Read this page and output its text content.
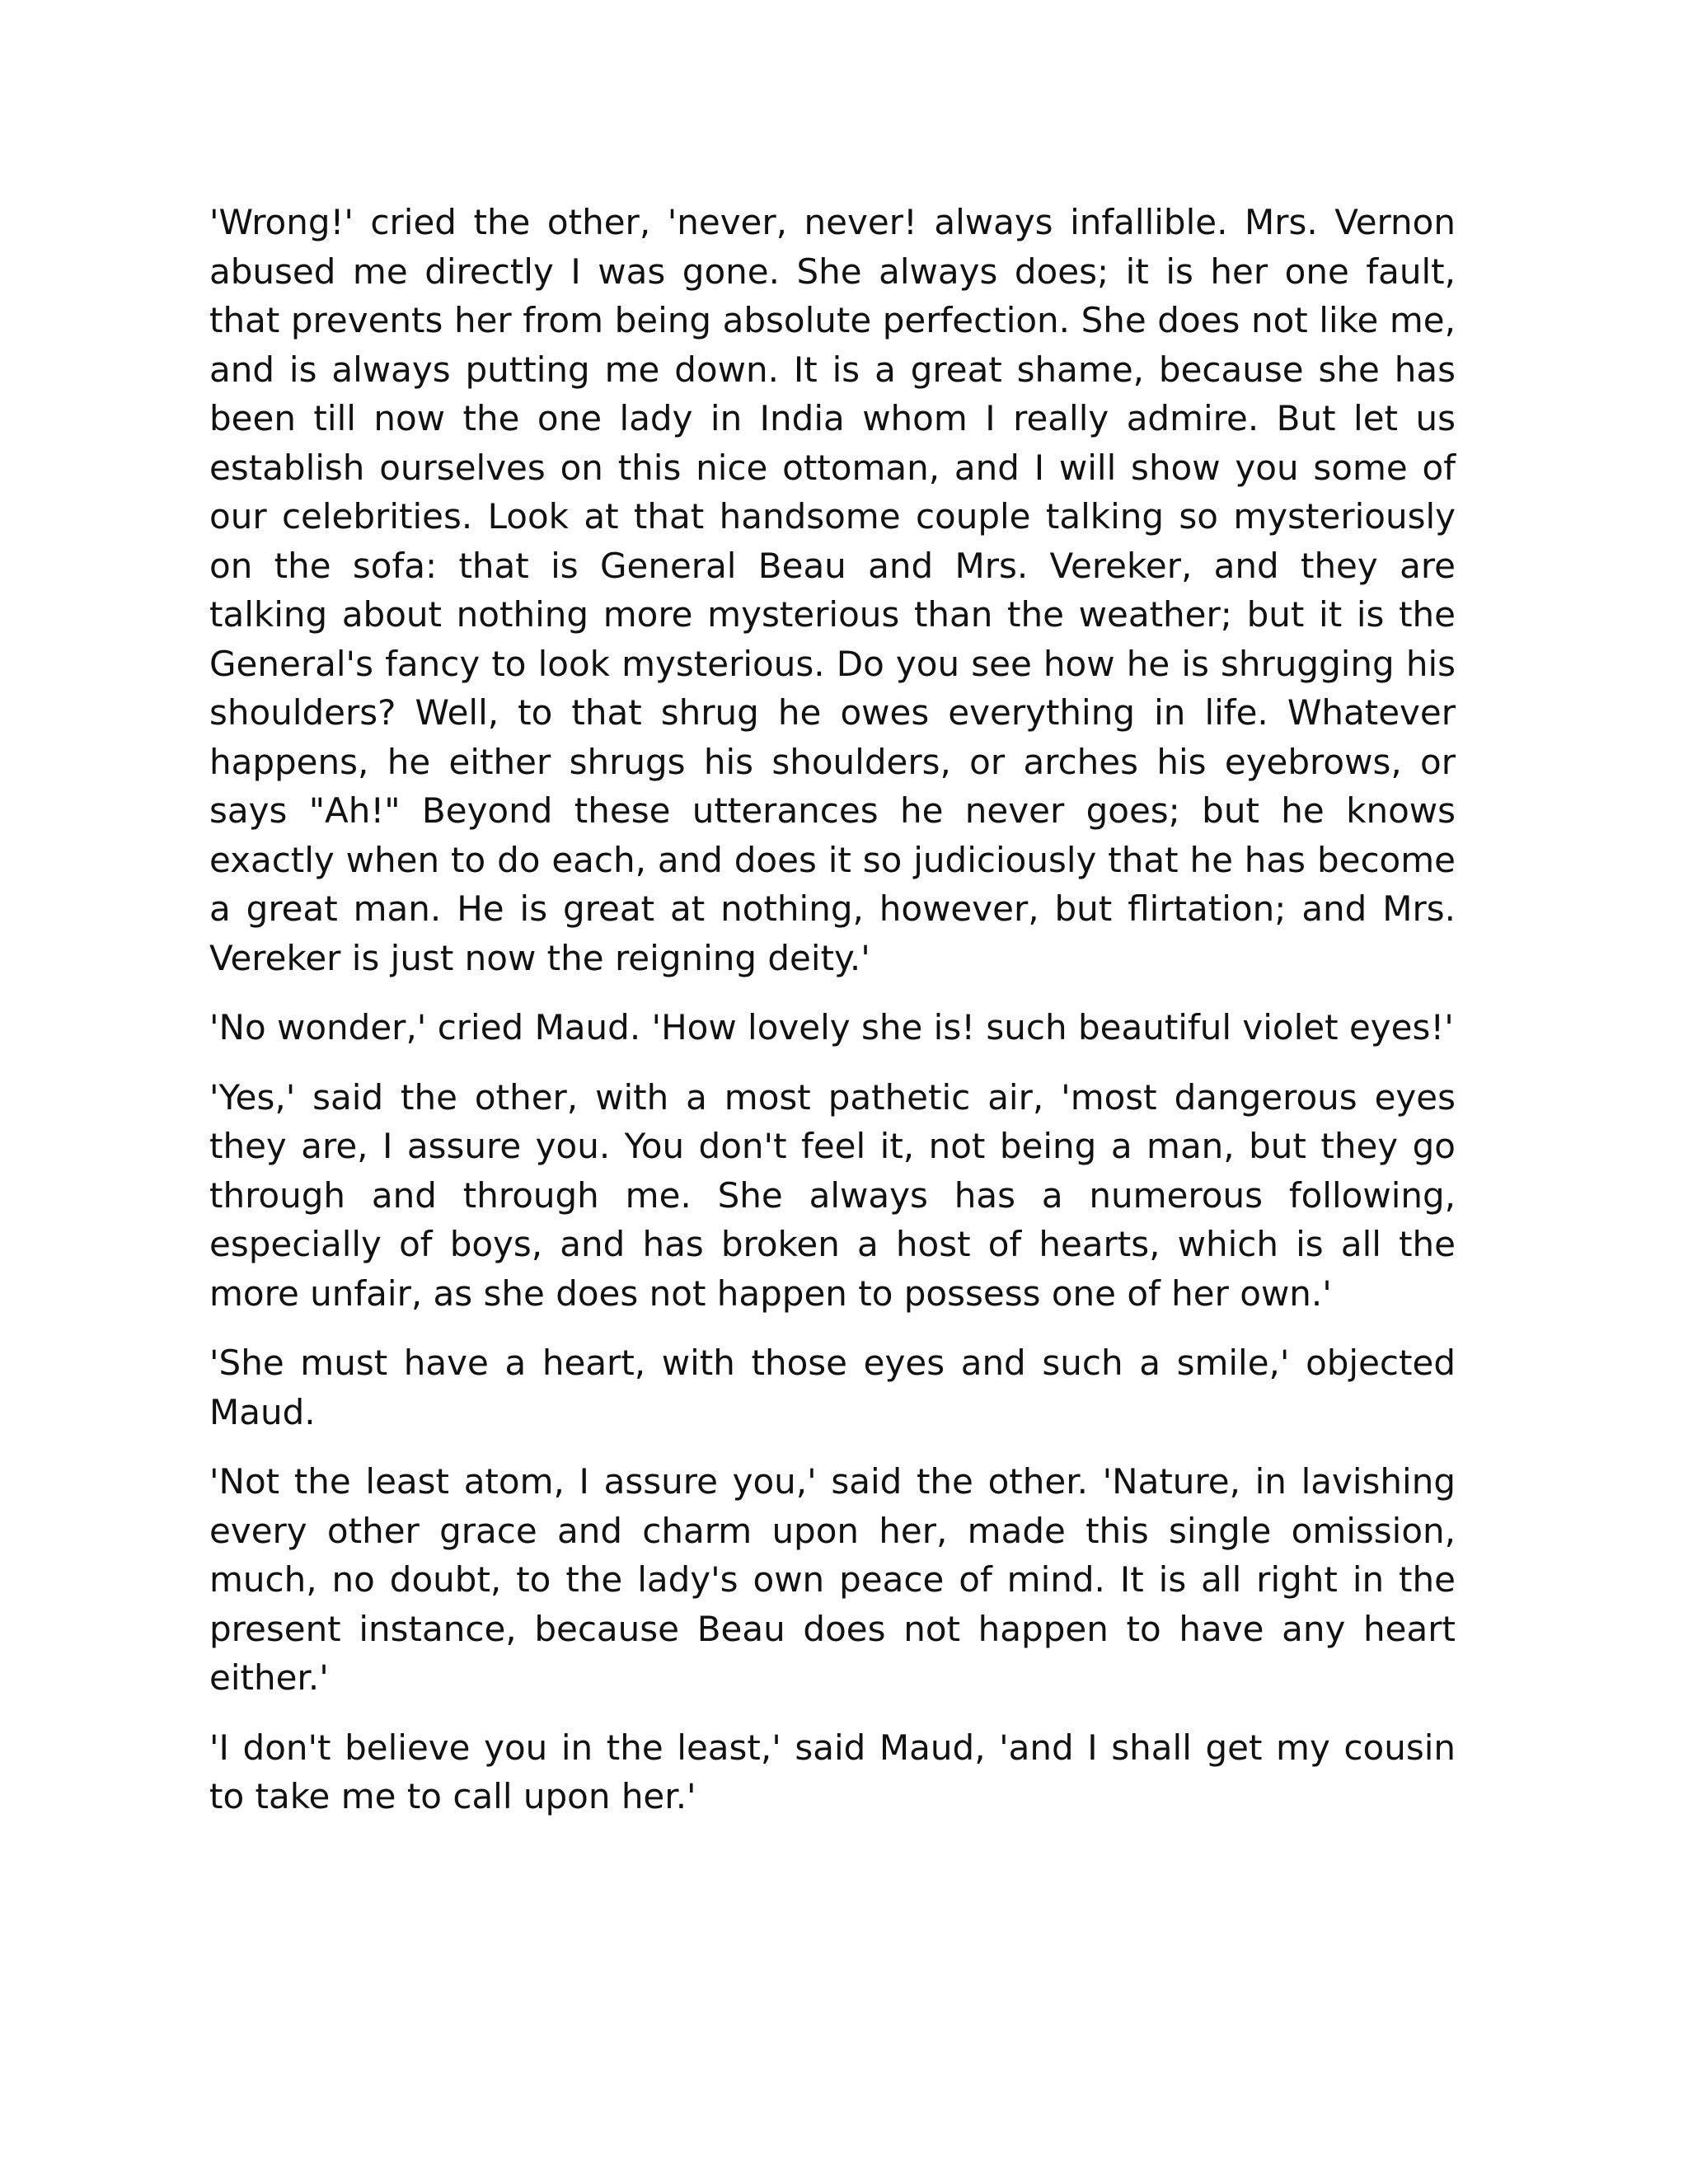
'Wrong!' cried the other, 'never, never! always infallible. Mrs. Vernon abused me directly I was gone. She always does; it is her one fault, that prevents her from being absolute perfection. She does not like me, and is always putting me down. It is a great shame, because she has been till now the one lady in India whom I really admire. But let us establish ourselves on this nice ottoman, and I will show you some of our celebrities. Look at that handsome couple talking so mysteriously on the sofa: that is General Beau and Mrs. Vereker, and they are talking about nothing more mysterious than the weather; but it is the General's fancy to look mysterious. Do you see how he is shrugging his shoulders? Well, to that shrug he owes everything in life. Whatever happens, he either shrugs his shoulders, or arches his eyebrows, or says "Ah!" Beyond these utterances he never goes; but he knows exactly when to do each, and does it so judiciously that he has become a great man. He is great at nothing, however, but flirtation; and Mrs. Vereker is just now the reigning deity.'

'No wonder,' cried Maud. 'How lovely she is! such beautiful violet eyes!'

'Yes,' said the other, with a most pathetic air, 'most dangerous eyes they are, I assure you. You don't feel it, not being a man, but they go through and through me. She always has a numerous following, especially of boys, and has broken a host of hearts, which is all the more unfair, as she does not happen to possess one of her own.'

'She must have a heart, with those eyes and such a smile,' objected Maud.

'Not the least atom, I assure you,' said the other. 'Nature, in lavishing every other grace and charm upon her, made this single omission, much, no doubt, to the lady's own peace of mind. It is all right in the present instance, because Beau does not happen to have any heart either.'

'I don't believe you in the least,' said Maud, 'and I shall get my cousin to take me to call upon her.'
